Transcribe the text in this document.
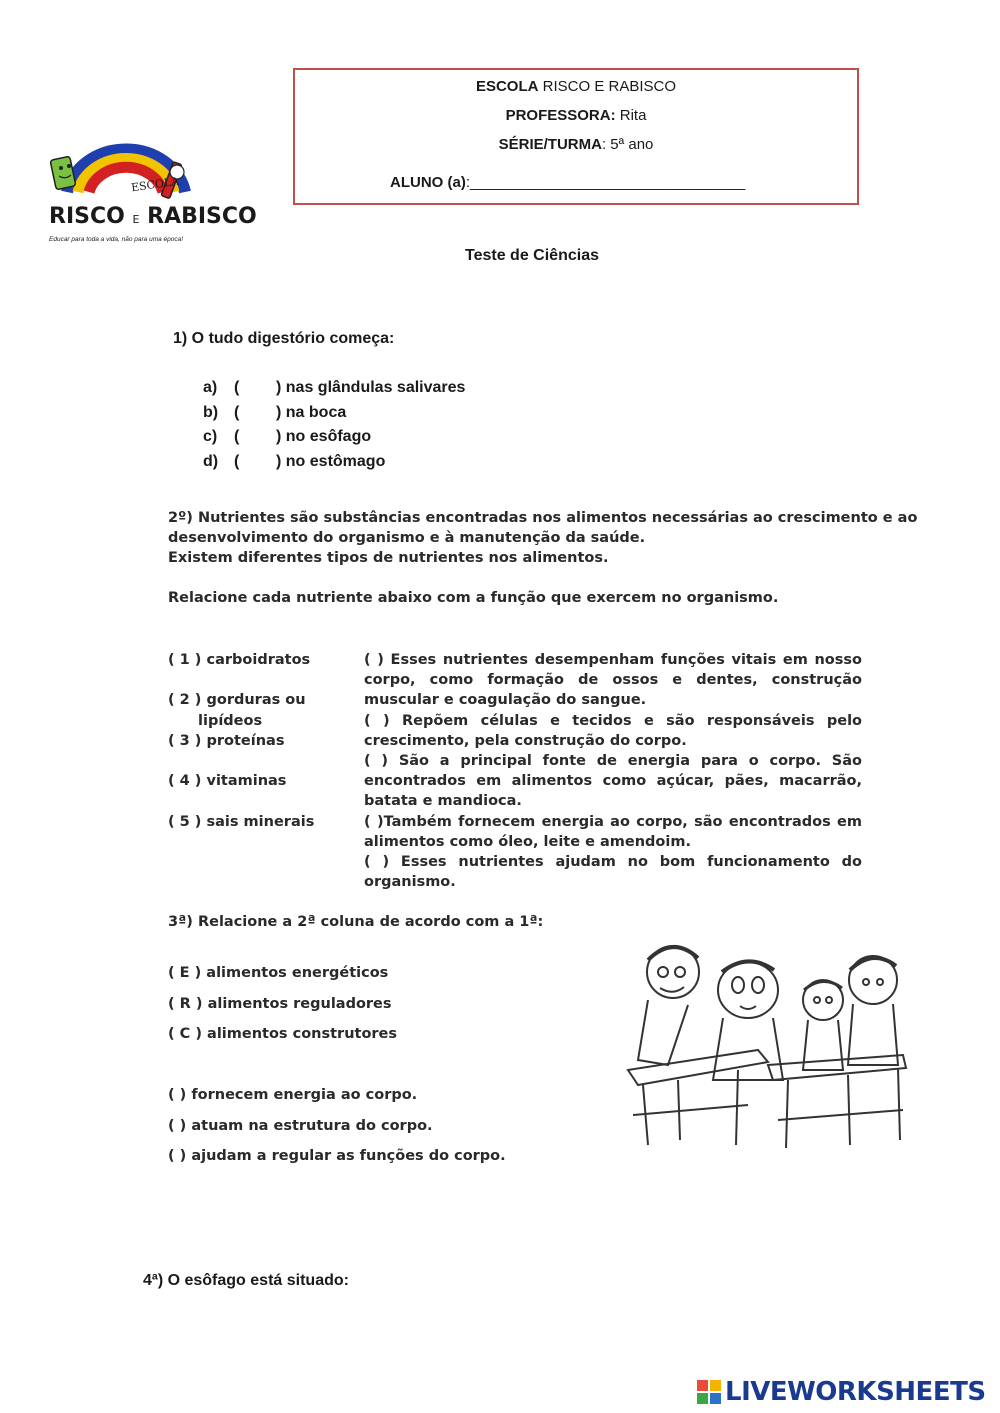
ESCOLA RISCO E RABISCO
PROFESSORA: Rita
SÉRIE/TURMA: 5ª ano
ALUNO (a):_________________________________
ESCOLA
RISCO E RABISCO
Educar para toda a vida, não para uma época!
Teste de Ciências
1) O tudo digestório começa:
a) ( ) nas glândulas salivares
b) ( ) na boca
c) ( ) no esôfago
d) ( ) no estômago
2º) Nutrientes são substâncias encontradas nos alimentos necessárias ao crescimento e ao desenvolvimento do organismo e à manutenção da saúde.
Existem diferentes tipos de nutrientes nos alimentos.
Relacione cada nutriente abaixo com a função que exercem no organismo.
( 1 ) carboidratos
( 2 ) gorduras ou
lipídeos
( 3 ) proteínas
( 4 ) vitaminas
( 5 ) sais minerais
( ) Esses nutrientes desempenham funções vitais em nosso corpo, como formação de ossos e dentes, construção muscular e coagulação do sangue.
( ) Repõem células e tecidos e são responsáveis pelo crescimento, pela construção do corpo.
( ) São a principal fonte de energia para o corpo. São encontrados em alimentos como açúcar, pães, macarrão, batata e mandioca.
( )Também fornecem energia ao corpo, são encontrados em alimentos como óleo, leite e amendoim.
( ) Esses nutrientes ajudam no bom funcionamento do organismo.
3ª) Relacione a 2ª coluna de acordo com a 1ª:
( E ) alimentos energéticos
( R ) alimentos reguladores
( C ) alimentos construtores
( ) fornecem energia ao corpo.
( ) atuam na estrutura do corpo.
( ) ajudam a regular as funções do corpo.
4ª) O esôfago está situado:
LIVEWORKSHEETS
